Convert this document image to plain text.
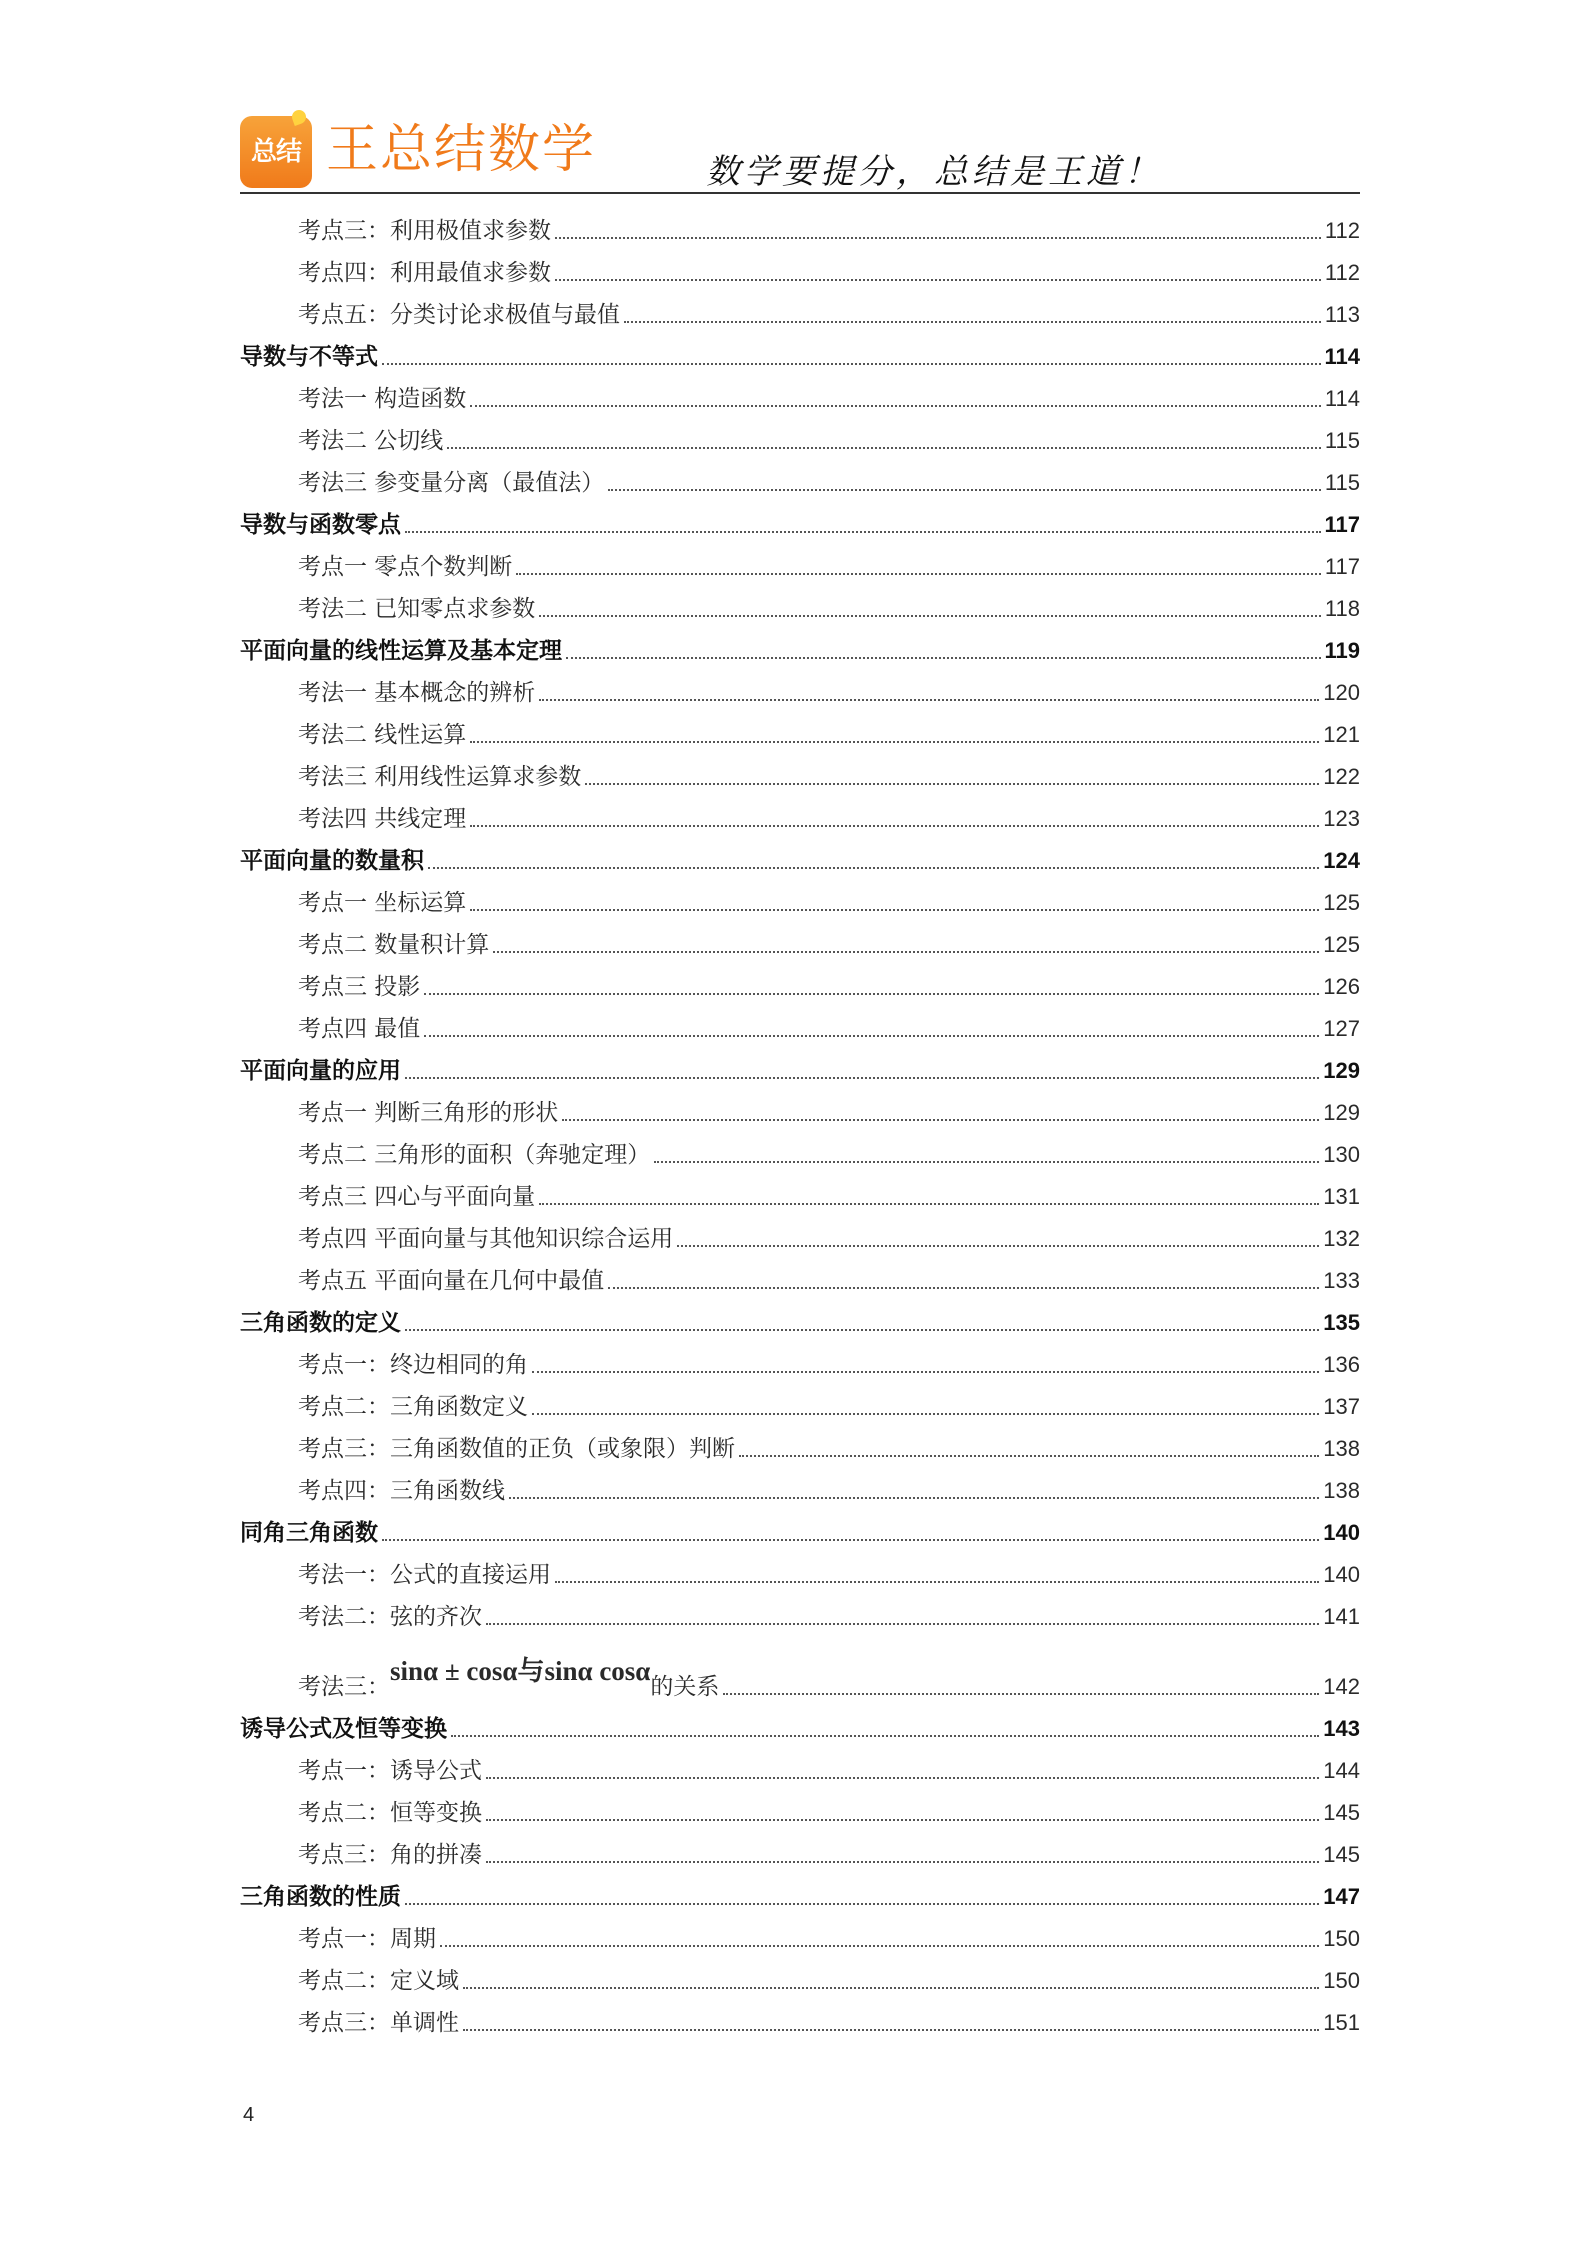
总结 王总结数学	数学要提分，总结是王道！
考点三：利用极值求参数	112
考点四：利用最值求参数	112
考点五：分类讨论求极值与最值	113
导数与不等式	114
考法一 构造函数	114
考法二 公切线	115
考法三 参变量分离（最值法）	115
导数与函数零点	117
考点一 零点个数判断	117
考法二 已知零点求参数	118
平面向量的线性运算及基本定理	119
考法一 基本概念的辨析	120
考法二 线性运算	121
考法三 利用线性运算求参数	122
考法四 共线定理	123
平面向量的数量积	124
考点一 坐标运算	125
考点二 数量积计算	125
考点三 投影	126
考点四 最值	127
平面向量的应用	129
考点一 判断三角形的形状	129
考点二 三角形的面积（奔驰定理）	130
考点三 四心与平面向量	131
考点四 平面向量与其他知识综合运用	132
考点五 平面向量在几何中最值	133
三角函数的定义	135
考点一：终边相同的角	136
考点二：三角函数定义	137
考点三：三角函数值的正负（或象限）判断	138
考点四：三角函数线	138
同角三角函数	140
考法一：公式的直接运用	140
考法二：弦的齐次	141
考法三：sinα ± cosα与sinα cosα的关系	142
诱导公式及恒等变换	143
考点一：诱导公式	144
考点二：恒等变换	145
考点三：角的拼凑	145
三角函数的性质	147
考点一：周期	150
考点二：定义域	150
考点三：单调性	151
4
